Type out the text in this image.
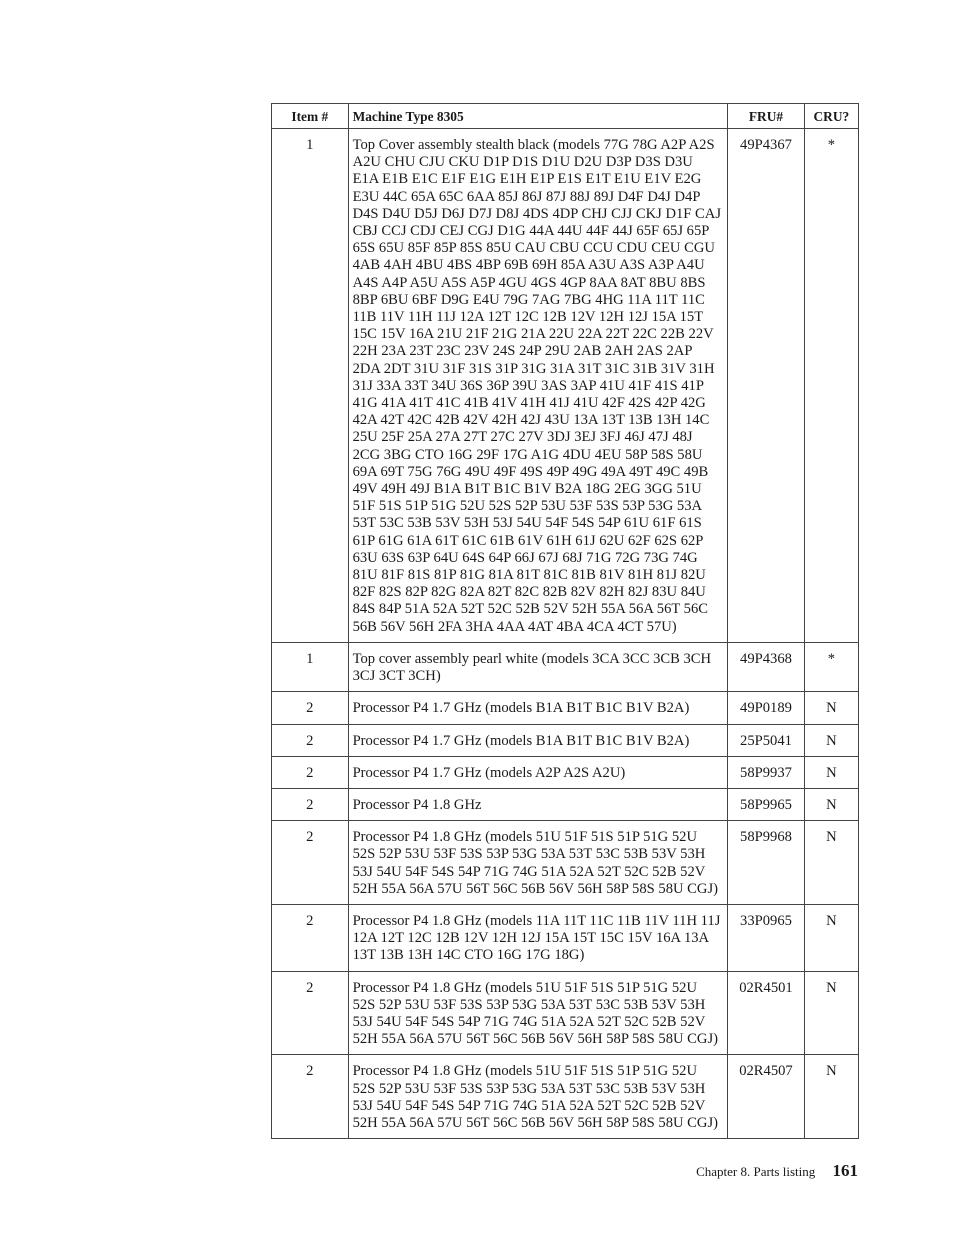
Item #	Machine Type 8305	FRU#	CRU?
1	Top Cover assembly stealth black (models 77G 78G A2P A2S A2U CHU CJU CKU D1P D1S D1U D2U D3P D3S D3U E1A E1B E1C E1F E1G E1H E1P E1S E1T E1U E1V E2G E3U 44C 65A 65C 6AA 85J 86J 87J 88J 89J D4F D4J D4P D4S D4U D5J D6J D7J D8J 4DS 4DP CHJ CJJ CKJ D1F CAJ CBJ CCJ CDJ CEJ CGJ D1G 44A 44U 44F 44J 65F 65J 65P 65S 65U 85F 85P 85S 85U CAU CBU CCU CDU CEU CGU 4AB 4AH 4BU 4BS 4BP 69B 69H 85A A3U A3S A3P A4U A4S A4P A5U A5S A5P 4GU 4GS 4GP 8AA 8AT 8BU 8BS 8BP 6BU 6BF D9G E4U 79G 7AG 7BG 4HG 11A 11T 11C 11B 11V 11H 11J 12A 12T 12C 12B 12V 12H 12J 15A 15T 15C 15V 16A 21U 21F 21G 21A 22U 22A 22T 22C 22B 22V 22H 23A 23T 23C 23V 24S 24P 29U 2AB 2AH 2AS 2AP 2DA 2DT 31U 31F 31S 31P 31G 31A 31T 31C 31B 31V 31H 31J 33A 33T 34U 36S 36P 39U 3AS 3AP 41U 41F 41S 41P 41G 41A 41T 41C 41B 41V 41H 41J 41U 42F 42S 42P 42G 42A 42T 42C 42B 42V 42H 42J 43U 13A 13T 13B 13H 14C 25U 25F 25A 27A 27T 27C 27V 3DJ 3EJ 3FJ 46J 47J 48J 2CG 3BG CTO 16G 29F 17G A1G 4DU 4EU 58P 58S 58U 69A 69T 75G 76G 49U 49F 49S 49P 49G 49A 49T 49C 49B 49V 49H 49J B1A B1T B1C B1V B2A 18G 2EG 3GG 51U 51F 51S 51P 51G 52U 52S 52P 53U 53F 53S 53P 53G 53A 53T 53C 53B 53V 53H 53J 54U 54F 54S 54P 61U 61F 61S 61P 61G 61A 61T 61C 61B 61V 61H 61J 62U 62F 62S 62P 63U 63S 63P 64U 64S 64P 66J 67J 68J 71G 72G 73G 74G 81U 81F 81S 81P 81G 81A 81T 81C 81B 81V 81H 81J 82U 82F 82S 82P 82G 82A 82T 82C 82B 82V 82H 82J 83U 84U 84S 84P 51A 52A 52T 52C 52B 52V 52H 55A 56A 56T 56C 56B 56V 56H 2FA 3HA 4AA 4AT 4BA 4CA 4CT 57U)	49P4367	*
1	Top cover assembly pearl white (models 3CA 3CC 3CB 3CH 3CJ 3CT 3CH)	49P4368	*
2	Processor P4 1.7 GHz (models B1A B1T B1C B1V B2A)	49P0189	N
2	Processor P4 1.7 GHz (models B1A B1T B1C B1V B2A)	25P5041	N
2	Processor P4 1.7 GHz (models A2P A2S A2U)	58P9937	N
2	Processor P4 1.8 GHz	58P9965	N
2	Processor P4 1.8 GHz (models 51U 51F 51S 51P 51G 52U 52S 52P 53U 53F 53S 53P 53G 53A 53T 53C 53B 53V 53H 53J 54U 54F 54S 54P 71G 74G 51A 52A 52T 52C 52B 52V 52H 55A 56A 57U 56T 56C 56B 56V 56H 58P 58S 58U CGJ)	58P9968	N
2	Processor P4 1.8 GHz (models 11A 11T 11C 11B 11V 11H 11J 12A 12T 12C 12B 12V 12H 12J 15A 15T 15C 15V 16A 13A 13T 13B 13H 14C CTO 16G 17G 18G)	33P0965	N
2	Processor P4 1.8 GHz (models 51U 51F 51S 51P 51G 52U 52S 52P 53U 53F 53S 53P 53G 53A 53T 53C 53B 53V 53H 53J 54U 54F 54S 54P 71G 74G 51A 52A 52T 52C 52B 52V 52H 55A 56A 57U 56T 56C 56B 56V 56H 58P 58S 58U CGJ)	02R4501	N
2	Processor P4 1.8 GHz (models 51U 51F 51S 51P 51G 52U 52S 52P 53U 53F 53S 53P 53G 53A 53T 53C 53B 53V 53H 53J 54U 54F 54S 54P 71G 74G 51A 52A 52T 52C 52B 52V 52H 55A 56A 57U 56T 56C 56B 56V 56H 58P 58S 58U CGJ)	02R4507	N
Chapter 8. Parts listing 161
